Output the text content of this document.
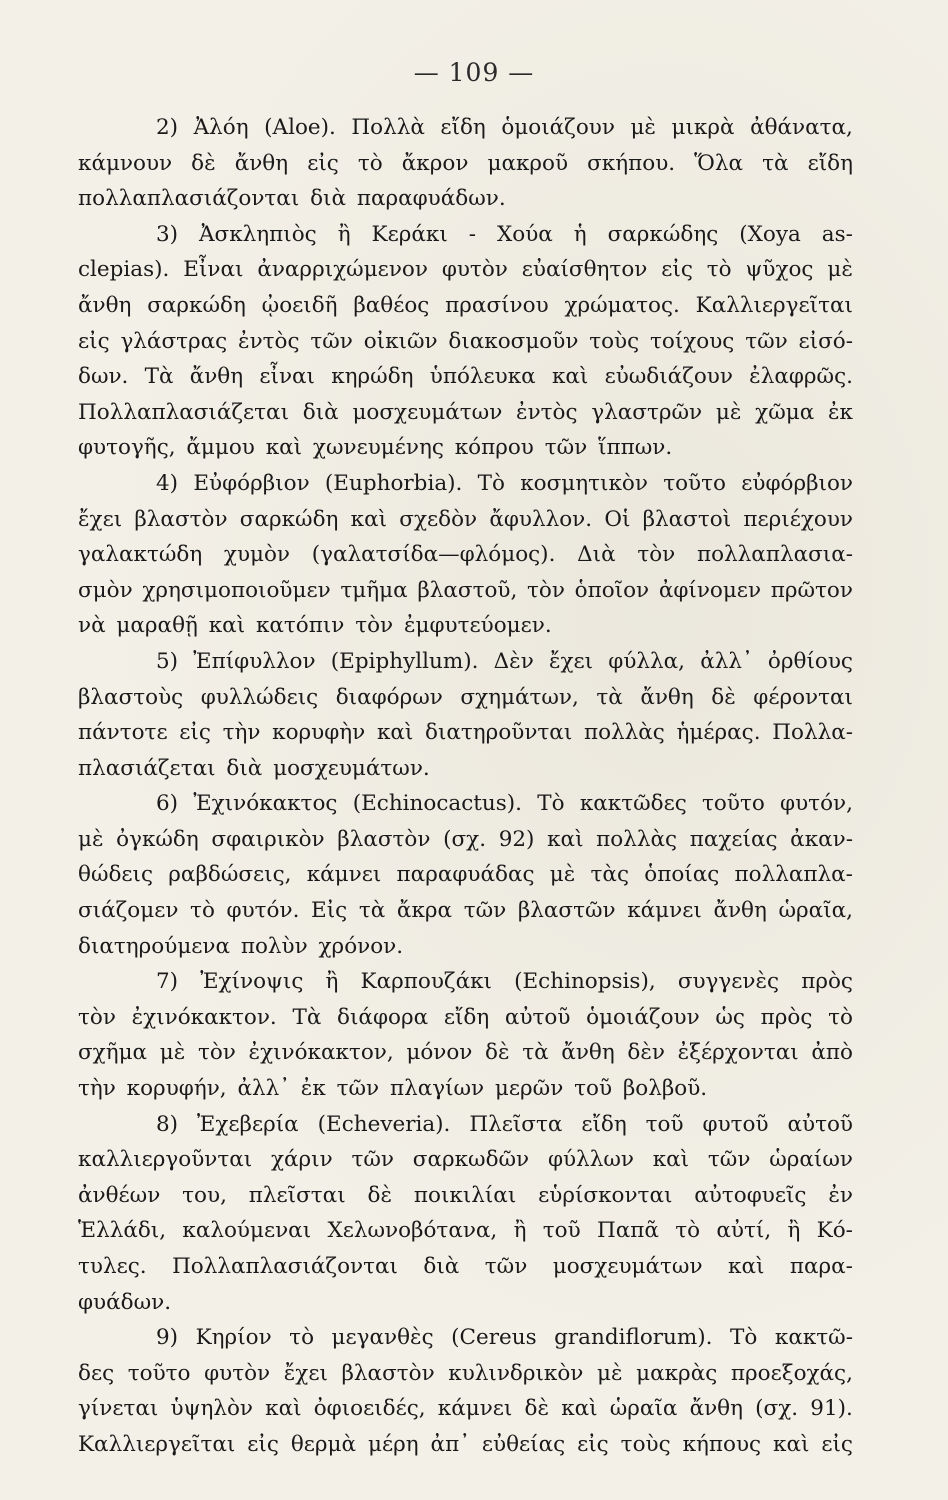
— 109 —
2) Ἀλόη (Aloe). Πολλὰ εἴδη ὁμοιάζουν μὲ μικρὰ ἀθάνατα,
κάμνουν δὲ ἄνθη εἰς τὸ ἄκρον μακροῦ σκήπου. Ὅλα τὰ εἴδη
πολλαπλασιάζονται διὰ παραφυάδων.
3) Ἀσκληπιὸς ἢ Κεράκι - Χούα ἡ σαρκώδης (Xoya as-
clepias). Εἶναι ἀναρριχώμενον φυτὸν εὐαίσθητον εἰς τὸ ψῦχος μὲ
ἄνθη σαρκώδη ᾠοειδῆ βαθέος πρασίνου χρώματος. Καλλιεργεῖται
εἰς γλάστρας ἐντὸς τῶν οἰκιῶν διακοσμοῦν τοὺς τοίχους τῶν εἰσό-
δων. Τὰ ἄνθη εἶναι κηρώδη ὑπόλευκα καὶ εὐωδιάζουν ἐλαφρῶς.
Πολλαπλασιάζεται διὰ μοσχευμάτων ἐντὸς γλαστρῶν μὲ χῶμα ἐκ
φυτογῆς, ἄμμου καὶ χωνευμένης κόπρου τῶν ἵππων.
4) Εὐφόρβιον (Euphorbia). Τὸ κοσμητικὸν τοῦτο εὐφόρβιον
ἔχει βλαστὸν σαρκώδη καὶ σχεδὸν ἄφυλλον. Οἱ βλαστοὶ περιέχουν
γαλακτώδη χυμὸν (γαλατσίδα—φλόμος). Διὰ τὸν πολλαπλασια-
σμὸν χρησιμοποιοῦμεν τμῆμα βλαστοῦ, τὸν ὁποῖον ἀφίνομεν πρῶτον
νὰ μαραθῇ καὶ κατόπιν τὸν ἐμφυτεύομεν.
5) Ἐπίφυλλον (Epiphyllum). Δὲν ἔχει φύλλα, ἀλλ᾽ ὀρθίους
βλαστοὺς φυλλώδεις διαφόρων σχημάτων, τὰ ἄνθη δὲ φέρονται
πάντοτε εἰς τὴν κορυφὴν καὶ διατηροῦνται πολλὰς ἡμέρας. Πολλα-
πλασιάζεται διὰ μοσχευμάτων.
6) Ἐχινόκακτος (Echinocactus). Τὸ κακτῶδες τοῦτο φυτόν,
μὲ ὀγκώδη σφαιρικὸν βλαστὸν (σχ. 92) καὶ πολλὰς παχείας ἀκαν-
θώδεις ραβδώσεις, κάμνει παραφυάδας μὲ τὰς ὁποίας πολλαπλα-
σιάζομεν τὸ φυτόν. Εἰς τὰ ἄκρα τῶν βλαστῶν κάμνει ἄνθη ὡραῖα,
διατηρούμενα πολὺν χρόνον.
7) Ἐχίνοψις ἢ Καρπουζάκι (Echinopsis), συγγενὲς πρὸς
τὸν ἐχινόκακτον. Τὰ διάφορα εἴδη αὐτοῦ ὁμοιάζουν ὡς πρὸς τὸ
σχῆμα μὲ τὸν ἐχινόκακτον, μόνον δὲ τὰ ἄνθη δὲν ἐξέρχονται ἀπὸ
τὴν κορυφήν, ἀλλ᾽ ἐκ τῶν πλαγίων μερῶν τοῦ βολβοῦ.
8) Ἐχεβερία (Echeveria). Πλεῖστα εἴδη τοῦ φυτοῦ αὐτοῦ
καλλιεργοῦνται χάριν τῶν σαρκωδῶν φύλλων καὶ τῶν ὡραίων
ἀνθέων του, πλεῖσται δὲ ποικιλίαι εὑρίσκονται αὐτοφυεῖς ἐν
Ἑλλάδι, καλούμεναι Χελωνοβότανα, ἢ τοῦ Παπᾶ τὸ αὐτί, ἢ Κό-
τυλες. Πολλαπλασιάζονται διὰ τῶν μοσχευμάτων καὶ παρα-
φυάδων.
9) Κηρίον τὸ μεγανθὲς (Cereus grandiflorum). Τὸ κακτῶ-
δες τοῦτο φυτὸν ἔχει βλαστὸν κυλινδρικὸν μὲ μακρὰς προεξοχάς,
γίνεται ὑψηλὸν καὶ ὀφιοειδές, κάμνει δὲ καὶ ὡραῖα ἄνθη (σχ. 91).
Καλλιεργεῖται εἰς θερμὰ μέρη ἀπ᾽ εὐθείας εἰς τοὺς κήπους καὶ εἰς
